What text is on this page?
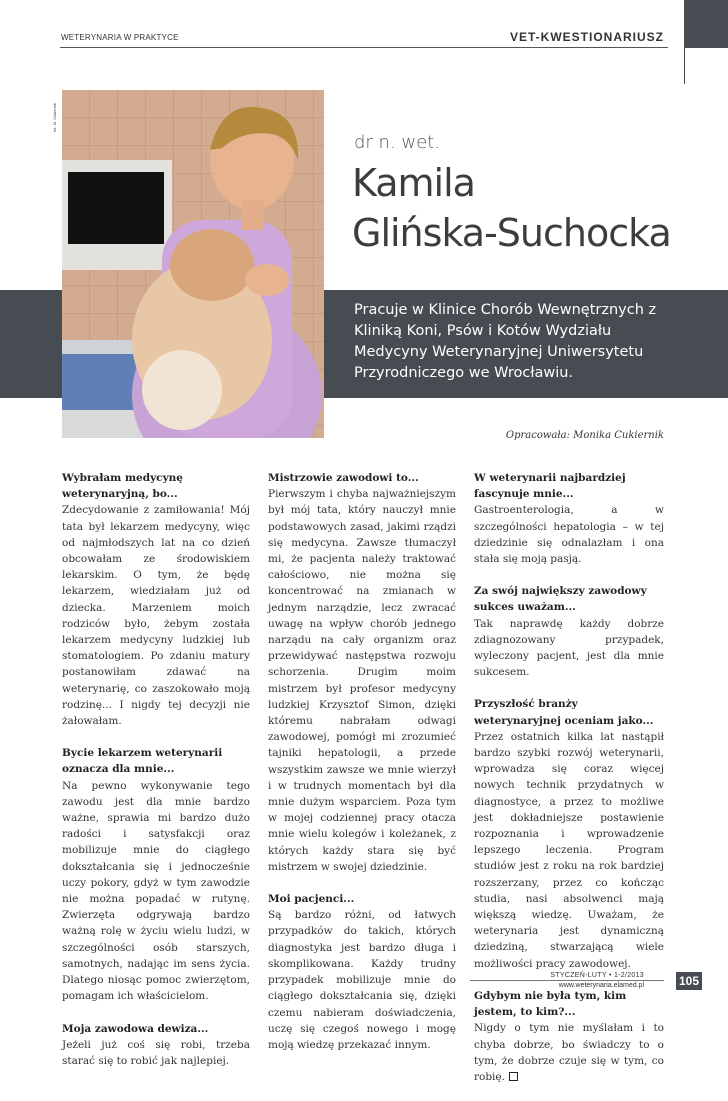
WETERYNARIA W PRAKTYCE	VET-KWESTIONARIUSZ
fot. M. Cukiernik
dr n. wet.
Kamila
Glińska-Suchocka
Pracuje w Klinice Chorób Wewnętrznych z Kliniką Koni, Psów i Kotów Wydziału Medycyny Weterynaryjnej Uniwersytetu Przyrodniczego we Wrocławiu.
Opracowała: Monika Cukiernik
Wybrałam medycynę weterynaryjną, bo...

Zdecydowanie z zamiłowania! Mój tata był lekarzem medycyny, więc od najmłodszych lat na co dzień obcowałam ze środowiskiem lekarskim. O tym, że będę lekarzem, wiedziałam już od dziecka. Marzeniem moich rodziców było, żebym została lekarzem medycyny ludzkiej lub stomatologiem. Po zdaniu matury postanowiłam zdawać na weterynarię, co zaszokowało moją rodzinę... I nigdy tej decyzji nie żałowałam.

Bycie lekarzem weterynarii oznacza dla mnie...

Na pewno wykonywanie tego zawodu jest dla mnie bardzo ważne, sprawia mi bardzo dużo radości i satysfakcji oraz mobilizuje mnie do ciągłego dokształcania się i jednocześnie uczy pokory, gdyż w tym zawodzie nie można popadać w rutynę. Zwierzęta odgrywają bardzo ważną rolę w życiu wielu ludzi, w szczególności osób starszych, samotnych, nadając im sens życia. Dlatego niosąc pomoc zwierzętom, pomagam ich właścicielom.

Moja zawodowa dewiza...

Jeżeli już coś się robi, trzeba starać się to robić jak najlepiej.

Mistrzowie zawodowi to...

Pierwszym i chyba najważniejszym był mój tata, który nauczył mnie podstawowych zasad, jakimi rządzi się medycyna. Zawsze tłumaczył mi, że pacjenta należy traktować całościowo, nie można się koncentrować na zmianach w jednym narządzie, lecz zwracać uwagę na wpływ chorób jednego narządu na cały organizm oraz przewidywać następstwa rozwoju schorzenia. Drugim moim mistrzem był profesor medycyny ludzkiej Krzysztof Simon, dzięki któremu nabrałam odwagi zawodowej, pomógł mi zrozumieć tajniki hepatologii, a przede wszystkim zawsze we mnie wierzył i w trudnych momentach był dla mnie dużym wsparciem. Poza tym w mojej codziennej pracy otacza mnie wielu kolegów i koleżanek, z których każdy stara się być mistrzem w swojej dziedzinie.

Moi pacjenci...

Są bardzo różni, od łatwych przypadków do takich, których diagnostyka jest bardzo długa i skomplikowana. Każdy trudny przypadek mobilizuje mnie do ciągłego dokształcania się, dzięki czemu nabieram doświadczenia, uczę się czegoś nowego i mogę moją wiedzę przekazać innym.

W weterynarii najbardziej fascynuje mnie...

Gastroenterologia, a w szczególności hepatologia – w tej dziedzinie się odnalazłam i ona stała się moją pasją.

Za swój największy zawodowy sukces uważam...

Tak naprawdę każdy dobrze zdiagnozowany przypadek, wyleczony pacjent, jest dla mnie sukcesem.

Przyszłość branży weterynaryjnej oceniam jako...

Przez ostatnich kilka lat nastąpił bardzo szybki rozwój weterynarii, wprowadza się coraz więcej nowych technik przydatnych w diagnostyce, a przez to możliwe jest dokładniejsze postawienie rozpoznania i wprowadzenie lepszego leczenia. Program studiów jest z roku na rok bardziej rozszerzany, przez co kończąc studia, nasi absolwenci mają większą wiedzę. Uważam, że weterynaria jest dynamiczną dziedziną, stwarzającą wiele możliwości pracy zawodowej.

Gdybym nie była tym, kim jestem, to kim?...

Nigdy o tym nie myślałam i to chyba dobrze, bo świadczy to o tym, że dobrze czuje się w tym, co robię.

STYCZEŃ-LUTY • 1-2/2013
www.weterynaria.elamed.pl	105
